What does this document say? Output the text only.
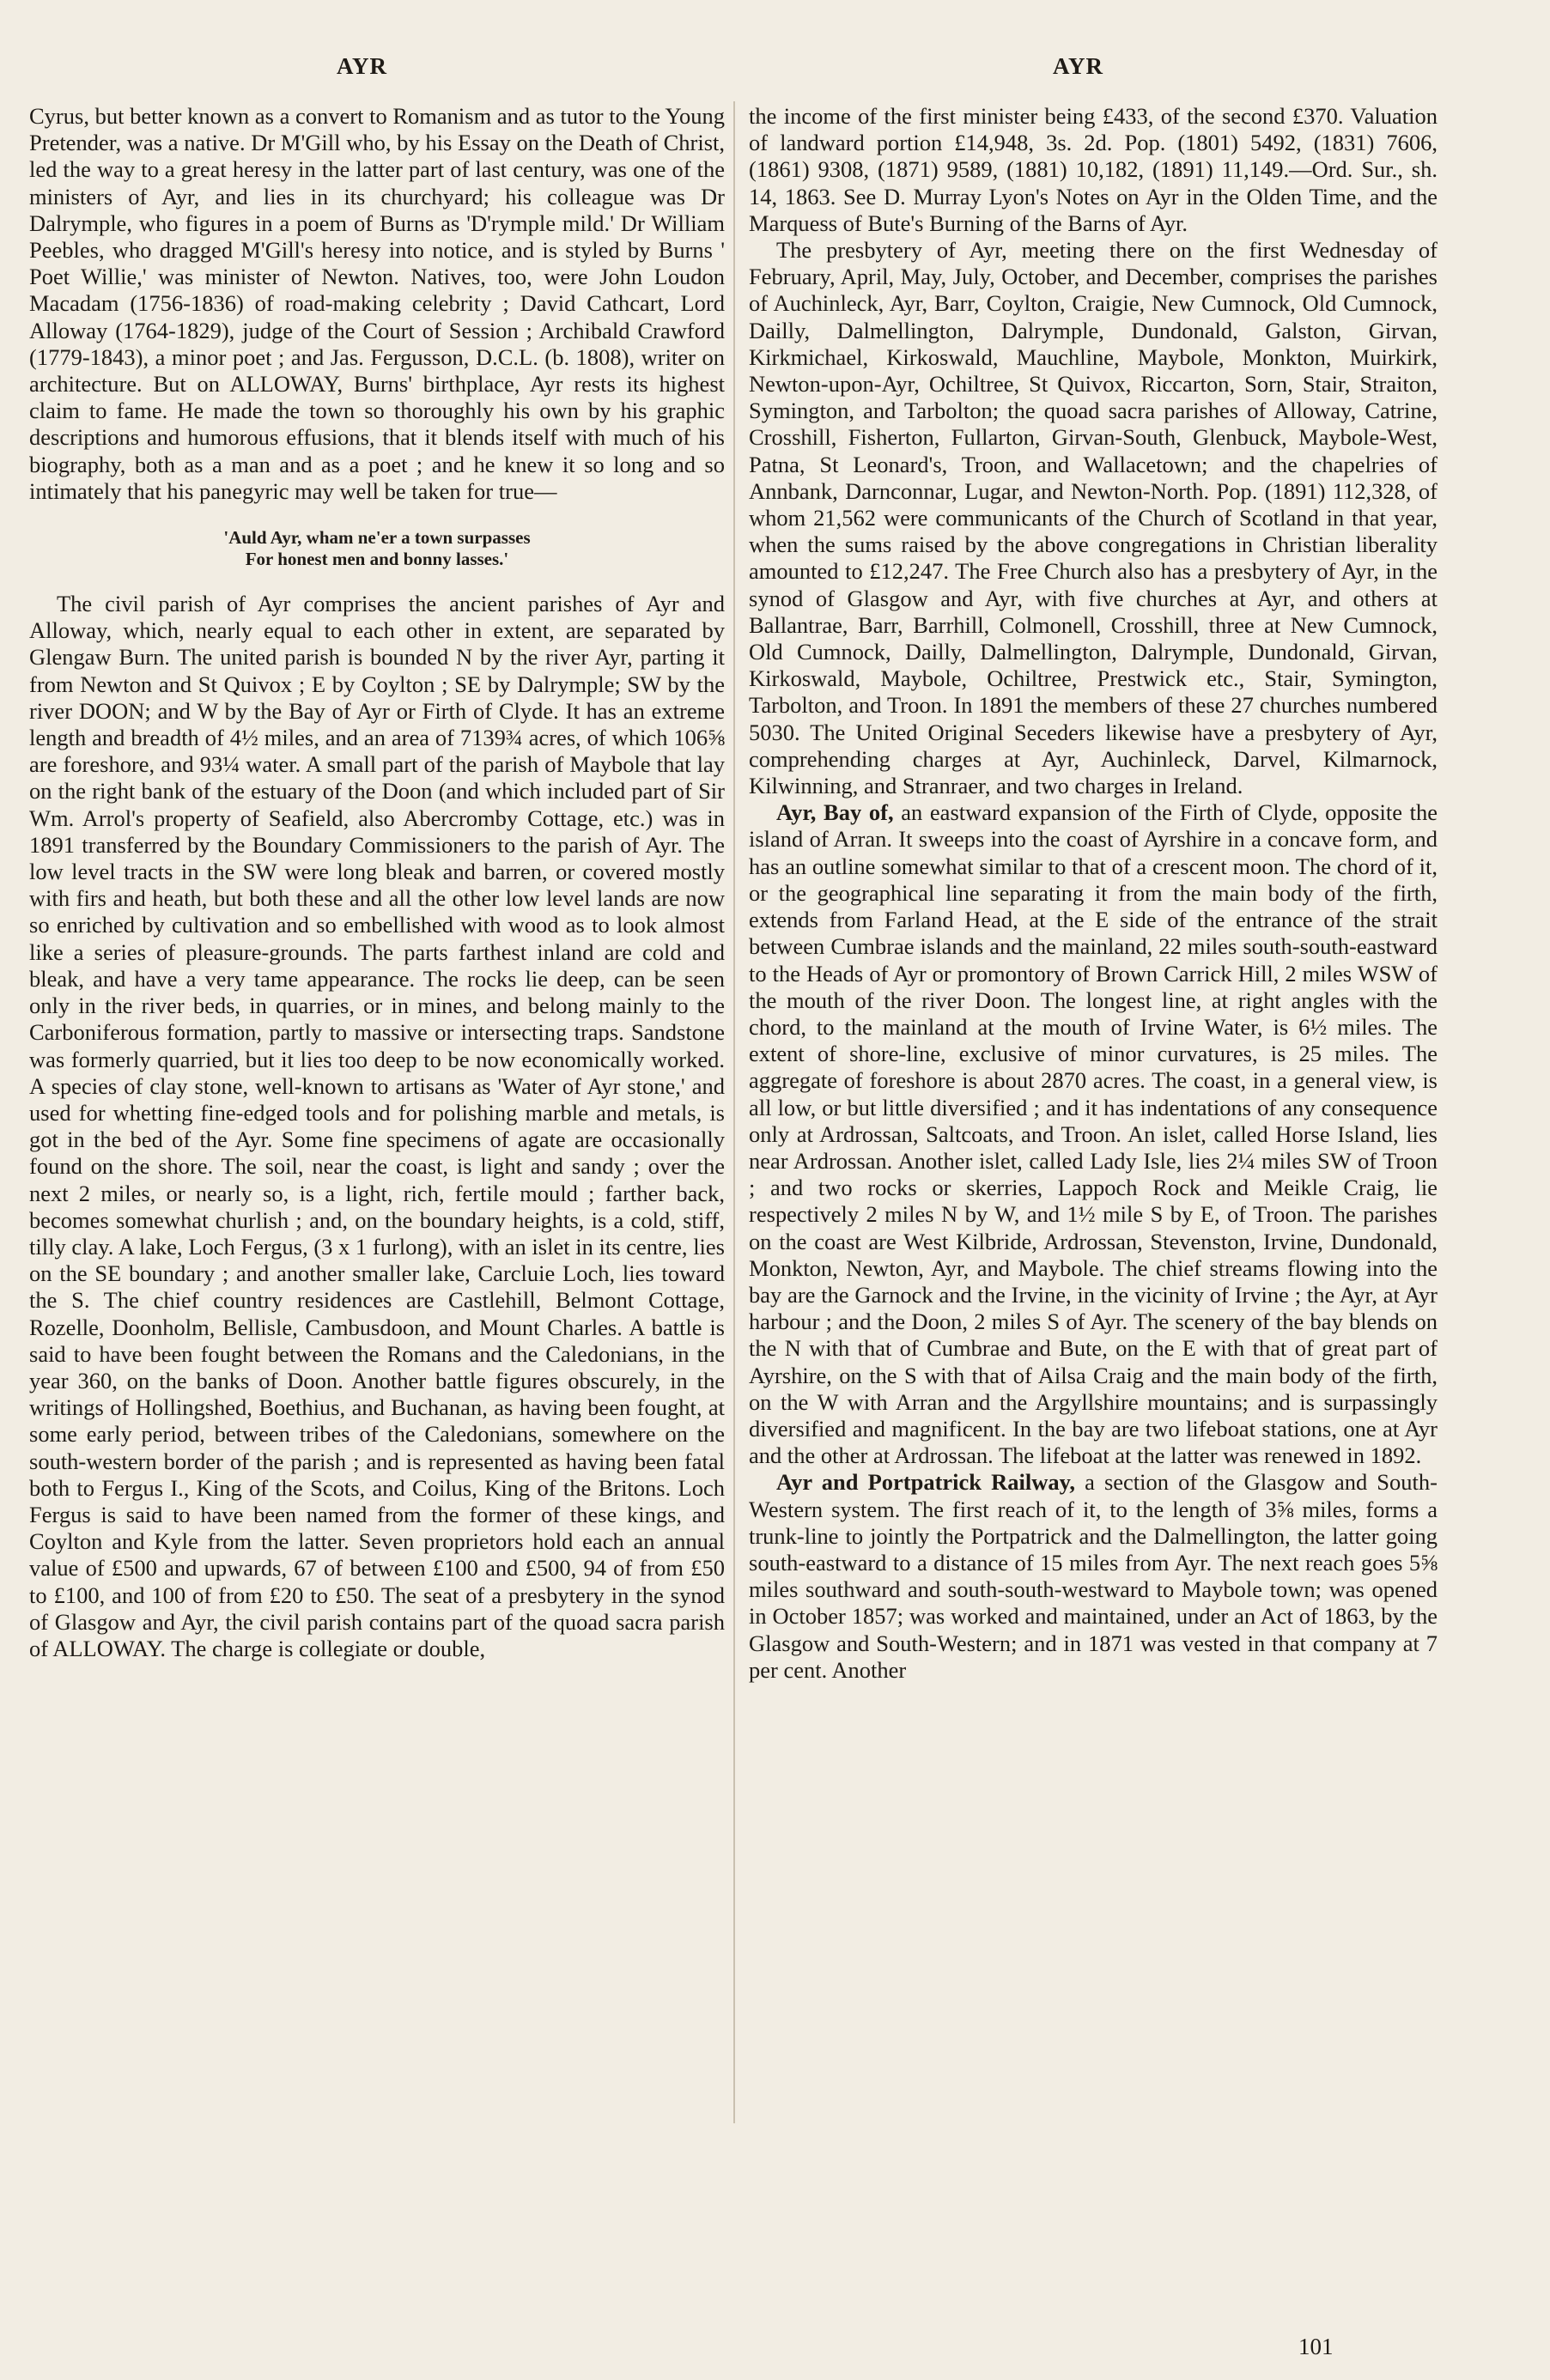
AYR	AYR

Cyrus, but better known as a convert to Romanism and as tutor to the Young Pretender, was a native. Dr M'Gill who, by his Essay on the Death of Christ, led the way to a great heresy in the latter part of last century, was one of the ministers of Ayr, and lies in its churchyard; his colleague was Dr Dalrymple, who figures in a poem of Burns as 'D'rymple mild.' Dr William Peebles, who dragged M'Gill's heresy into notice, and is styled by Burns ' Poet Willie,' was minister of Newton. Natives, too, were John Loudon Macadam (1756-1836) of road-making celebrity ; David Cathcart, Lord Alloway (1764-1829), judge of the Court of Session ; Archibald Crawford (1779-1843), a minor poet ; and Jas. Fergusson, D.C.L. (b. 1808), writer on architecture. But on ALLOWAY, Burns' birthplace, Ayr rests its highest claim to fame. He made the town so thoroughly his own by his graphic descriptions and humorous effusions, that it blends itself with much of his biography, both as a man and as a poet ; and he knew it so long and so intimately that his panegyric may well be taken for true—

'Auld Ayr, wham ne'er a town surpasses
For honest men and bonny lasses.'

The civil parish of Ayr comprises the ancient parishes of Ayr and Alloway, which, nearly equal to each other in extent, are separated by Glengaw Burn. The united parish is bounded N by the river Ayr, parting it from Newton and St Quivox ; E by Coylton ; SE by Dalrymple; SW by the river DOON; and W by the Bay of Ayr or Firth of Clyde. It has an extreme length and breadth of 4½ miles, and an area of 7139¾ acres, of which 106⅝ are foreshore, and 93¼ water. A small part of the parish of Maybole that lay on the right bank of the estuary of the Doon (and which included part of Sir Wm. Arrol's property of Seafield, also Abercromby Cottage, etc.) was in 1891 transferred by the Boundary Commissioners to the parish of Ayr. The low level tracts in the SW were long bleak and barren, or covered mostly with firs and heath, but both these and all the other low level lands are now so enriched by cultivation and so embellished with wood as to look almost like a series of pleasure-grounds. The parts farthest inland are cold and bleak, and have a very tame appearance. The rocks lie deep, can be seen only in the river beds, in quarries, or in mines, and belong mainly to the Carboniferous formation, partly to massive or intersecting traps. Sandstone was formerly quarried, but it lies too deep to be now economically worked. A species of clay stone, well-known to artisans as 'Water of Ayr stone,' and used for whetting fine-edged tools and for polishing marble and metals, is got in the bed of the Ayr. Some fine specimens of agate are occasionally found on the shore. The soil, near the coast, is light and sandy ; over the next 2 miles, or nearly so, is a light, rich, fertile mould ; farther back, becomes somewhat churlish ; and, on the boundary heights, is a cold, stiff, tilly clay. A lake, Loch Fergus, (3 x 1 furlong), with an islet in its centre, lies on the SE boundary ; and another smaller lake, Carcluie Loch, lies toward the S. The chief country residences are Castlehill, Belmont Cottage, Rozelle, Doonholm, Bellisle, Cambusdoon, and Mount Charles. A battle is said to have been fought between the Romans and the Caledonians, in the year 360, on the banks of Doon. Another battle figures obscurely, in the writings of Hollingshed, Boethius, and Buchanan, as having been fought, at some early period, between tribes of the Caledonians, somewhere on the south-western border of the parish ; and is represented as having been fatal both to Fergus I., King of the Scots, and Coilus, King of the Britons. Loch Fergus is said to have been named from the former of these kings, and Coylton and Kyle from the latter. Seven proprietors hold each an annual value of £500 and upwards, 67 of between £100 and £500, 94 of from £50 to £100, and 100 of from £20 to £50. The seat of a presbytery in the synod of Glasgow and Ayr, the civil parish contains part of the quoad sacra parish of ALLOWAY. The charge is collegiate or double,

the income of the first minister being £433, of the second £370. Valuation of landward portion £14,948, 3s. 2d. Pop. (1801) 5492, (1831) 7606, (1861) 9308, (1871) 9589, (1881) 10,182, (1891) 11,149.—Ord. Sur., sh. 14, 1863. See D. Murray Lyon's Notes on Ayr in the Olden Time, and the Marquess of Bute's Burning of the Barns of Ayr.

The presbytery of Ayr, meeting there on the first Wednesday of February, April, May, July, October, and December, comprises the parishes of Auchinleck, Ayr, Barr, Coylton, Craigie, New Cumnock, Old Cumnock, Dailly, Dalmellington, Dalrymple, Dundonald, Galston, Girvan, Kirkmichael, Kirkoswald, Mauchline, Maybole, Monkton, Muirkirk, Newton-upon-Ayr, Ochiltree, St Quivox, Riccarton, Sorn, Stair, Straiton, Symington, and Tarbolton; the quoad sacra parishes of Alloway, Catrine, Crosshill, Fisherton, Fullarton, Girvan-South, Glenbuck, Maybole-West, Patna, St Leonard's, Troon, and Wallacetown; and the chapelries of Annbank, Darnconnar, Lugar, and Newton-North. Pop. (1891) 112,328, of whom 21,562 were communicants of the Church of Scotland in that year, when the sums raised by the above congregations in Christian liberality amounted to £12,247. The Free Church also has a presbytery of Ayr, in the synod of Glasgow and Ayr, with five churches at Ayr, and others at Ballantrae, Barr, Barrhill, Colmonell, Crosshill, three at New Cumnock, Old Cumnock, Dailly, Dalmellington, Dalrymple, Dundonald, Girvan, Kirkoswald, Maybole, Ochiltree, Prestwick etc., Stair, Symington, Tarbolton, and Troon. In 1891 the members of these 27 churches numbered 5030. The United Original Seceders likewise have a presbytery of Ayr, comprehending charges at Ayr, Auchinleck, Darvel, Kilmarnock, Kilwinning, and Stranraer, and two charges in Ireland.

Ayr, Bay of, an eastward expansion of the Firth of Clyde, opposite the island of Arran. It sweeps into the coast of Ayrshire in a concave form, and has an outline somewhat similar to that of a crescent moon. The chord of it, or the geographical line separating it from the main body of the firth, extends from Farland Head, at the E side of the entrance of the strait between Cumbrae islands and the mainland, 22 miles south-south-eastward to the Heads of Ayr or promontory of Brown Carrick Hill, 2 miles WSW of the mouth of the river Doon. The longest line, at right angles with the chord, to the mainland at the mouth of Irvine Water, is 6½ miles. The extent of shore-line, exclusive of minor curvatures, is 25 miles. The aggregate of foreshore is about 2870 acres. The coast, in a general view, is all low, or but little diversified ; and it has indentations of any consequence only at Ardrossan, Saltcoats, and Troon. An islet, called Horse Island, lies near Ardrossan. Another islet, called Lady Isle, lies 2¼ miles SW of Troon ; and two rocks or skerries, Lappoch Rock and Meikle Craig, lie respectively 2 miles N by W, and 1½ mile S by E, of Troon. The parishes on the coast are West Kilbride, Ardrossan, Stevenston, Irvine, Dundonald, Monkton, Newton, Ayr, and Maybole. The chief streams flowing into the bay are the Garnock and the Irvine, in the vicinity of Irvine ; the Ayr, at Ayr harbour ; and the Doon, 2 miles S of Ayr. The scenery of the bay blends on the N with that of Cumbrae and Bute, on the E with that of great part of Ayrshire, on the S with that of Ailsa Craig and the main body of the firth, on the W with Arran and the Argyllshire mountains; and is surpassingly diversified and magnificent. In the bay are two lifeboat stations, one at Ayr and the other at Ardrossan. The lifeboat at the latter was renewed in 1892.

Ayr and Portpatrick Railway, a section of the Glasgow and South-Western system. The first reach of it, to the length of 3⅝ miles, forms a trunk-line to jointly the Portpatrick and the Dalmellington, the latter going south-eastward to a distance of 15 miles from Ayr. The next reach goes 5⅝ miles southward and south-south-westward to Maybole town; was opened in October 1857; was worked and maintained, under an Act of 1863, by the Glasgow and South-Western; and in 1871 was vested in that company at 7 per cent. Another

101
